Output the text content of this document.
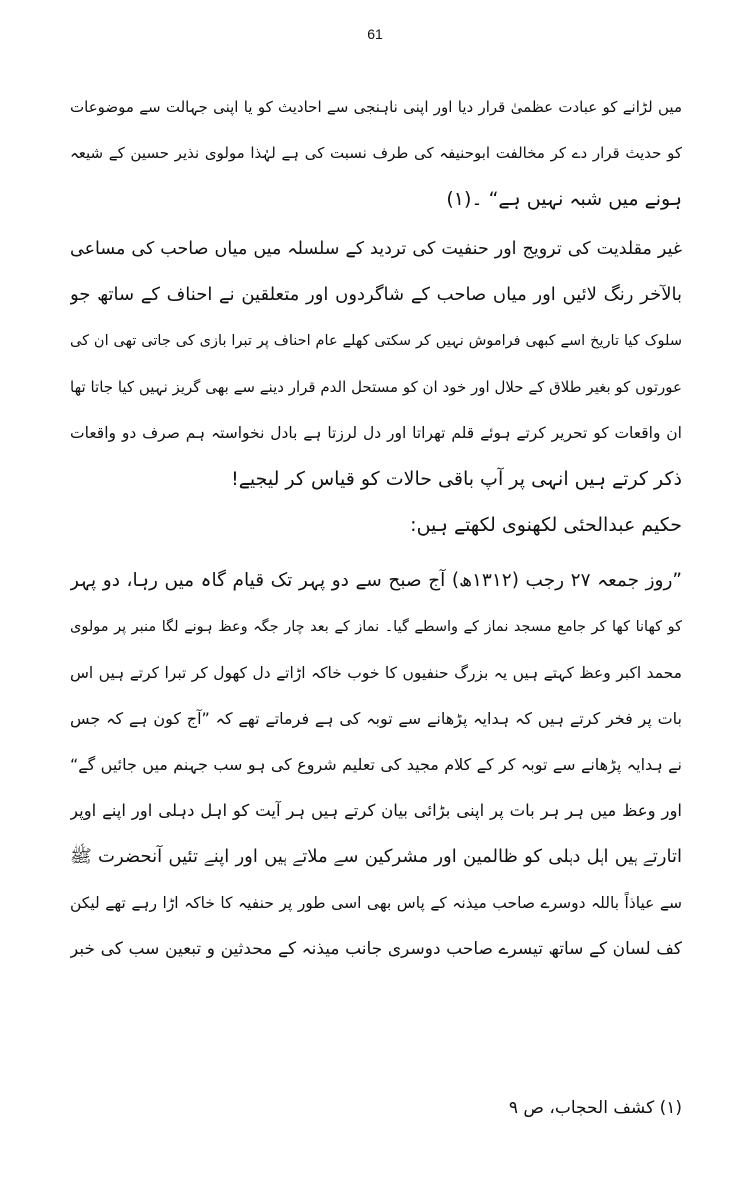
61
میں لڑانے کو عبادت عظمیٰ قرار دیا اور اپنی ناہنجی سے احادیث کو یا اپنی جہالت سے موضوعات
کو حدیث قرار دے کر مخالفت ابوحنیفہ کی طرف نسبت کی ہے لہٰذا مولوی نذیر حسین کے شیعہ
ہونے میں شبہ نہیں ہے“ ۔(۱)
غیر مقلدیت کی ترویج اور حنفیت کی تردید کے سلسلہ میں میاں صاحب کی مساعی
بالآخر رنگ لائیں اور میاں صاحب کے شاگردوں اور متعلقین نے احناف کے ساتھ جو
سلوک کیا تاریخ اسے کبھی فراموش نہیں کر سکتی کھلے عام احناف پر تبرا بازی کی جاتی تھی ان کی
عورتوں کو بغیر طلاق کے حلال اور خود ان کو مستحل الدم قرار دینے سے بھی گریز نہیں کیا جاتا تھا
ان واقعات کو تحریر کرتے ہوئے قلم تھراتا اور دل لرزتا ہے بادل نخواستہ ہم صرف دو واقعات
ذکر کرتے ہیں انہی پر آپ باقی حالات کو قیاس کر لیجیے!
حکیم عبدالحئی لکھنوی لکھتے ہیں:
”روز جمعہ ۲۷ رجب (۱۳۱۲ھ) آج صبح سے دو پہر تک قیام گاہ میں رہا، دو پہر
کو کھانا کھا کر جامع مسجد نماز کے واسطے گیا۔ نماز کے بعد چار جگہ وعظ ہونے لگا منبر پر مولوی
محمد اکبر وعظ کہتے ہیں یہ بزرگ حنفیوں کا خوب خاکہ اڑاتے دل کھول کر تبرا کرتے ہیں اس
بات پر فخر کرتے ہیں کہ ہدایہ پڑھانے سے توبہ کی ہے فرماتے تھے کہ ”آج کون ہے کہ جس
نے ہدایہ پڑھانے سے توبہ کر کے کلام مجید کی تعلیم شروع کی ہو سب جہنم میں جائیں گے“
اور وعظ میں ہر ہر بات پر اپنی بڑائی بیان کرتے ہیں ہر آیت کو اہل دہلی اور اپنے اوپر
اتارتے ہیں اہل دہلی کو ظالمین اور مشرکین سے ملاتے ہیں اور اپنے تئیں آنحضرت ﷺ
سے عیاذاً باللہ دوسرے صاحب میذنہ کے پاس بھی اسی طور پر حنفیہ کا خاکہ اڑا رہے تھے لیکن
کف لسان کے ساتھ تیسرے صاحب دوسری جانب میذنہ کے محدثین و تبعین سب کی خبر
(۱) کشف الحجاب، ص ۹
